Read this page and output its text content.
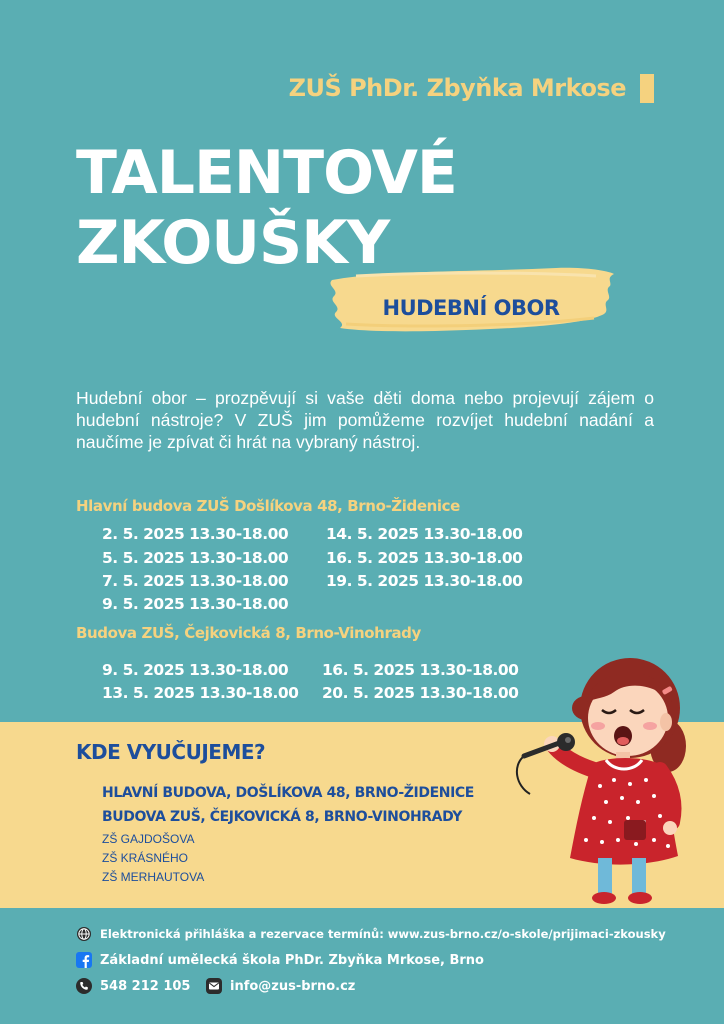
ZUŠ PhDr. Zbyňka Mrkose
TALENTOVÉ
ZKOUŠKY
HUDEBNÍ OBOR

Hudební obor – prozpěvují si vaše děti doma nebo projevují zájem o hudební nástroje? V ZUŠ jim pomůžeme rozvíjet hudební nadání a naučíme je zpívat či hrát na vybraný nástroj.

Hlavní budova ZUŠ Došlíkova 48, Brno-Židenice
2. 5. 2025 13.30-18.00
5. 5. 2025 13.30-18.00
7. 5. 2025 13.30-18.00
9. 5. 2025 13.30-18.00
14. 5. 2025 13.30-18.00
16. 5. 2025 13.30-18.00
19. 5. 2025 13.30-18.00
Budova ZUŠ, Čejkovická 8, Brno-Vinohrady
9. 5. 2025 13.30-18.00
13. 5. 2025 13.30-18.00
16. 5. 2025 13.30-18.00
20. 5. 2025 13.30-18.00
KDE VYUČUJEME?
HLAVNÍ BUDOVA, DOŠLÍKOVA 48, BRNO-ŽIDENICE
BUDOVA ZUŠ, ČEJKOVICKÁ 8, BRNO-VINOHRADY
ZŠ GAJDOŠOVA
ZŠ KRÁSNÉHO
ZŠ MERHAUTOVA
Elektronická přihláška a rezervace termínů: www.zus-brno.cz/o-skole/prijimaci-zkousky
Základní umělecká škola PhDr. Zbyňka Mrkose, Brno
548 212 105	info@zus-brno.cz
